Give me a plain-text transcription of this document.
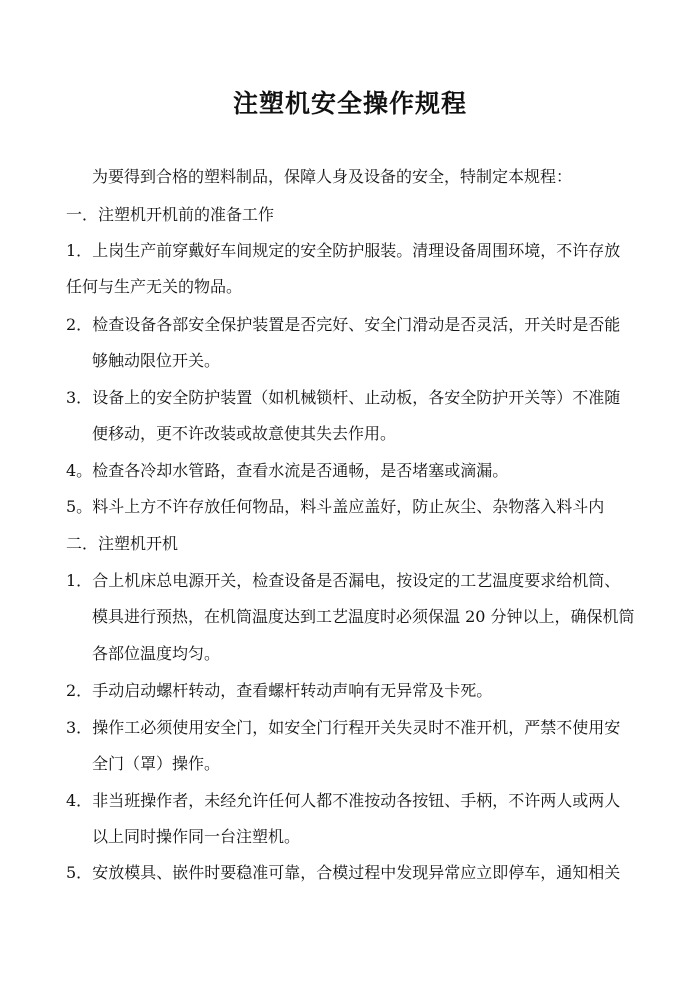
注塑机安全操作规程
为要得到合格的塑料制品，保障人身及设备的安全，特制定本规程：
一．注塑机开机前的准备工作
1．上岗生产前穿戴好车间规定的安全防护服装。清理设备周围环境，不许存放
任何与生产无关的物品。
2．检查设备各部安全保护装置是否完好、安全门滑动是否灵活，开关时是否能
够触动限位开关。
3．设备上的安全防护装置（如机械锁杆、止动板，各安全防护开关等）不准随
便移动，更不许改装或故意使其失去作用。
4。检查各冷却水管路，查看水流是否通畅，是否堵塞或滴漏。
5。料斗上方不许存放任何物品，料斗盖应盖好，防止灰尘、杂物落入料斗内
二．注塑机开机
1．合上机床总电源开关，检查设备是否漏电，按设定的工艺温度要求给机筒、
模具进行预热，在机筒温度达到工艺温度时必须保温 20 分钟以上，确保机筒
各部位温度均匀。
2．手动启动螺杆转动，查看螺杆转动声响有无异常及卡死。
3．操作工必须使用安全门，如安全门行程开关失灵时不准开机，严禁不使用安
全门（罩）操作。
4．非当班操作者，未经允许任何人都不准按动各按钮、手柄，不许两人或两人
以上同时操作同一台注塑机。
5．安放模具、嵌件时要稳准可靠，合模过程中发现异常应立即停车，通知相关
